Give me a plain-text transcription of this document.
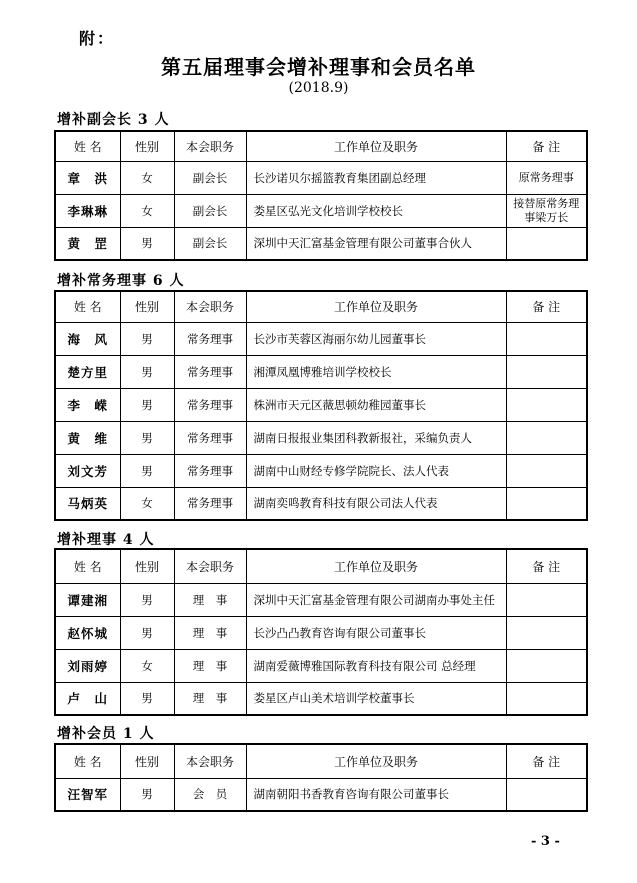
附：
第五届理事会增补理事和会员名单
(2018.9)
增补副会长 3 人
姓 名	性别	本会职务	工作单位及职务	备 注
章　洪	女	副会长	长沙诺贝尔摇篮教育集团副总经理	原常务理事
李琳琳	女	副会长	娄星区弘光文化培训学校校长	接替原常务理事梁万长
黄　罡	男	副会长	深圳中天汇富基金管理有限公司董事合伙人	
增补常务理事 6 人
姓 名	性别	本会职务	工作单位及职务	备 注
海　风	男	常务理事	长沙市芙蓉区海丽尔幼儿园董事长	
楚方里	男	常务理事	湘潭凤凰博雅培训学校校长	
李　嵘	男	常务理事	株洲市天元区薇思顿幼稚园董事长	
黄　维	男	常务理事	湖南日报报业集团科教新报社，采编负责人	
刘文芳	男	常务理事	湖南中山财经专修学院院长、法人代表	
马炳英	女	常务理事	湖南奕鸣教育科技有限公司法人代表	
增补理事 4 人
姓 名	性别	本会职务	工作单位及职务	备 注
谭建湘	男	理　事	深圳中天汇富基金管理有限公司湖南办事处主任	
赵怀城	男	理　事	长沙凸凸教育咨询有限公司董事长	
刘雨婷	女	理　事	湖南爱薇博雅国际教育科技有限公司 总经理	
卢　山	男	理　事	娄星区卢山美术培训学校董事长	
增补会员 1 人
姓 名	性别	本会职务	工作单位及职务	备 注
汪智军	男	会　员	湖南朝阳书香教育咨询有限公司董事长	
- 3 -
